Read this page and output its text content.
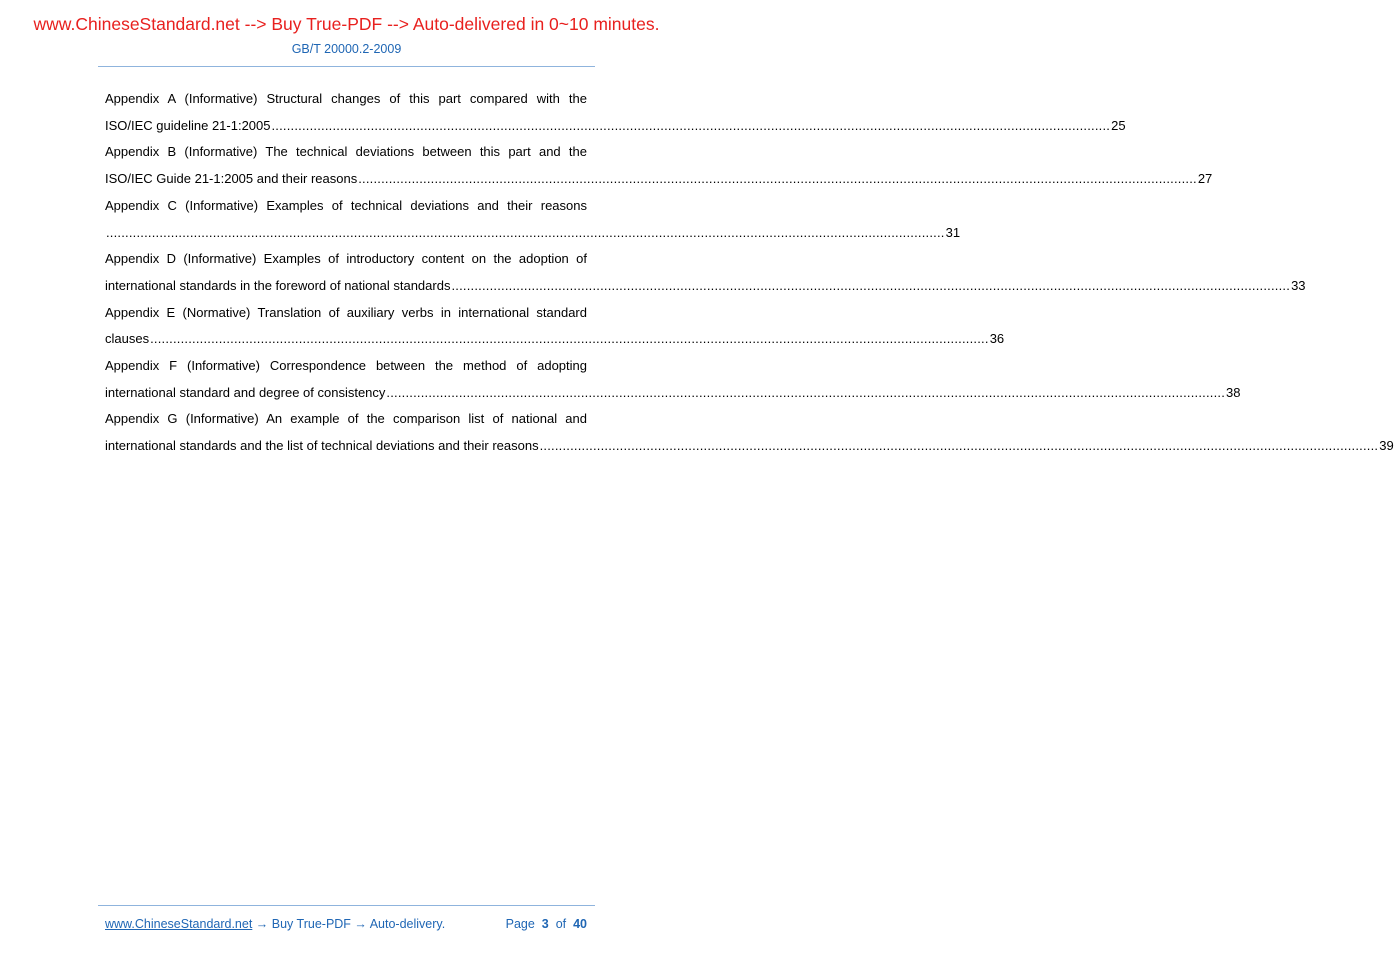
www.ChineseStandard.net --> Buy True-PDF --> Auto-delivered in 0~10 minutes.
GB/T 20000.2-2009
Appendix A (Informative) Structural changes of this part compared with the
ISO/IEC guideline 21-1:2005 ............................................................................................................................................................................................................................ 25
Appendix B (Informative) The technical deviations between this part and the
ISO/IEC Guide 21-1:2005 and their reasons ............................................................................................................................................................................................................................ 27
Appendix C (Informative) Examples of technical deviations and their reasons
............................................................................................................................................................................................................................ 31
Appendix D (Informative) Examples of introductory content on the adoption of
international standards in the foreword of national standards ............................................................................................................................................................................................................................ 33
Appendix E (Normative) Translation of auxiliary verbs in international standard
clauses ............................................................................................................................................................................................................................ 36
Appendix F (Informative) Correspondence between the method of adopting
international standard and degree of consistency ............................................................................................................................................................................................................................ 38
Appendix G (Informative) An example of the comparison list of national and
international standards and the list of technical deviations and their reasons ............................................................................................................................................................................................................................ 39
www.ChineseStandard.net → Buy True-PDF → Auto-delivery.	Page 3 of 40
